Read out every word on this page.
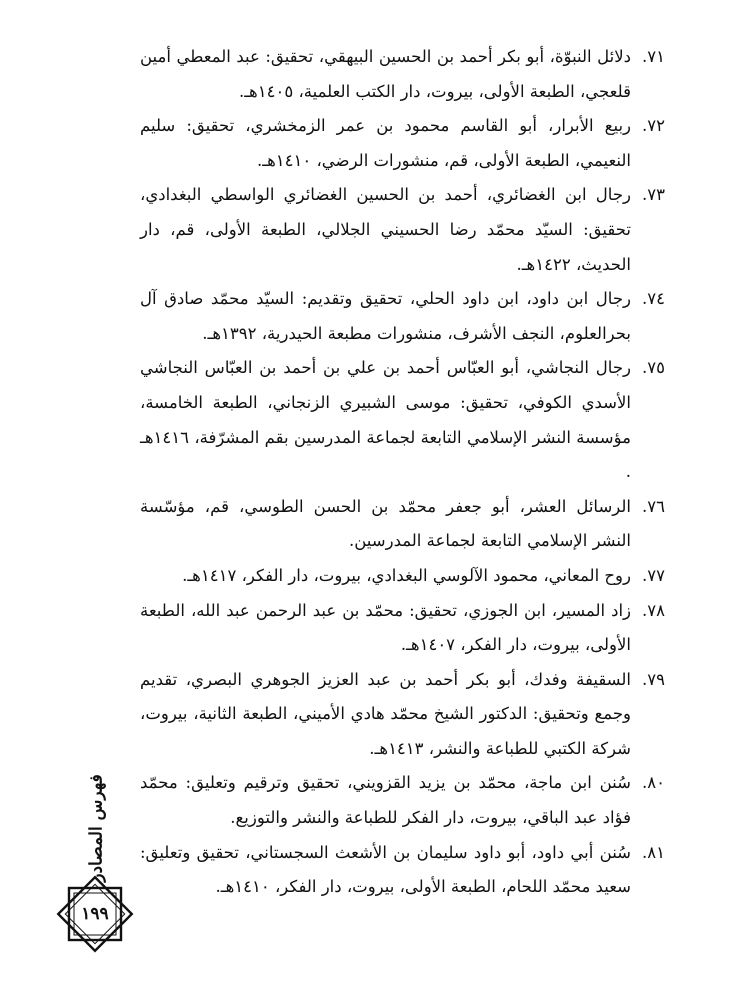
٧١.
دلائل النبوّة، أبو بكر أحمد بن الحسين البيهقي، تحقيق: عبد المعطي أمين قلعجي، الطبعة الأولى، بيروت، دار الكتب العلمية، ١٤٠٥هـ.
٧٢.
ربيع الأبرار، أبو القاسم محمود بن عمر الزمخشري، تحقيق: سليم النعيمي، الطبعة الأولى، قم، منشورات الرضي، ١٤١٠هـ.
٧٣.
رجال ابن الغضائري، أحمد بن الحسين الغضائري الواسطي البغدادي، تحقيق: السيّد محمّد رضا الحسيني الجلالي، الطبعة الأولى، قم، دار الحديث، ١٤٢٢هـ.
٧٤.
رجال ابن داود، ابن داود الحلي، تحقيق وتقديم: السيّد محمّد صادق آل بحرالعلوم، النجف الأشرف، منشورات مطبعة الحيدرية، ١٣٩٢هـ.
٧٥.
رجال النجاشي، أبو العبّاس أحمد بن علي بن أحمد بن العبّاس النجاشي الأسدي الكوفي، تحقيق: موسى الشبيري الزنجاني، الطبعة الخامسة، مؤسسة النشر الإسلامي التابعة لجماعة المدرسين بقم المشرّفة، ١٤١٦هـ .
٧٦.
الرسائل العشر، أبو جعفر محمّد بن الحسن الطوسي، قم، مؤسّسة النشر الإسلامي التابعة لجماعة المدرسين.
٧٧.
روح المعاني، محمود الآلوسي البغدادي، بيروت، دار الفكر، ١٤١٧هـ.
٧٨.
زاد المسير، ابن الجوزي، تحقيق: محمّد بن عبد الرحمن عبد الله، الطبعة الأولى، بيروت، دار الفكر، ١٤٠٧هـ.
٧٩.
السقيفة وفدك، أبو بكر أحمد بن عبد العزيز الجوهري البصري، تقديم وجمع وتحقيق: الدكتور الشيخ محمّد هادي الأميني، الطبعة الثانية، بيروت، شركة الكتبي للطباعة والنشر، ١٤١٣هـ.
٨٠.
سُنن ابن ماجة، محمّد بن يزيد القزويني، تحقيق وترقيم وتعليق: محمّد فؤاد عبد الباقي، بيروت، دار الفكر للطباعة والنشر والتوزيع.
٨١.
سُنن أبي داود، أبو داود سليمان بن الأشعث السجستاني، تحقيق وتعليق: سعيد محمّد اللحام، الطبعة الأولى، بيروت، دار الفكر، ١٤١٠هـ.
فهرس المصادر
١٩٩
